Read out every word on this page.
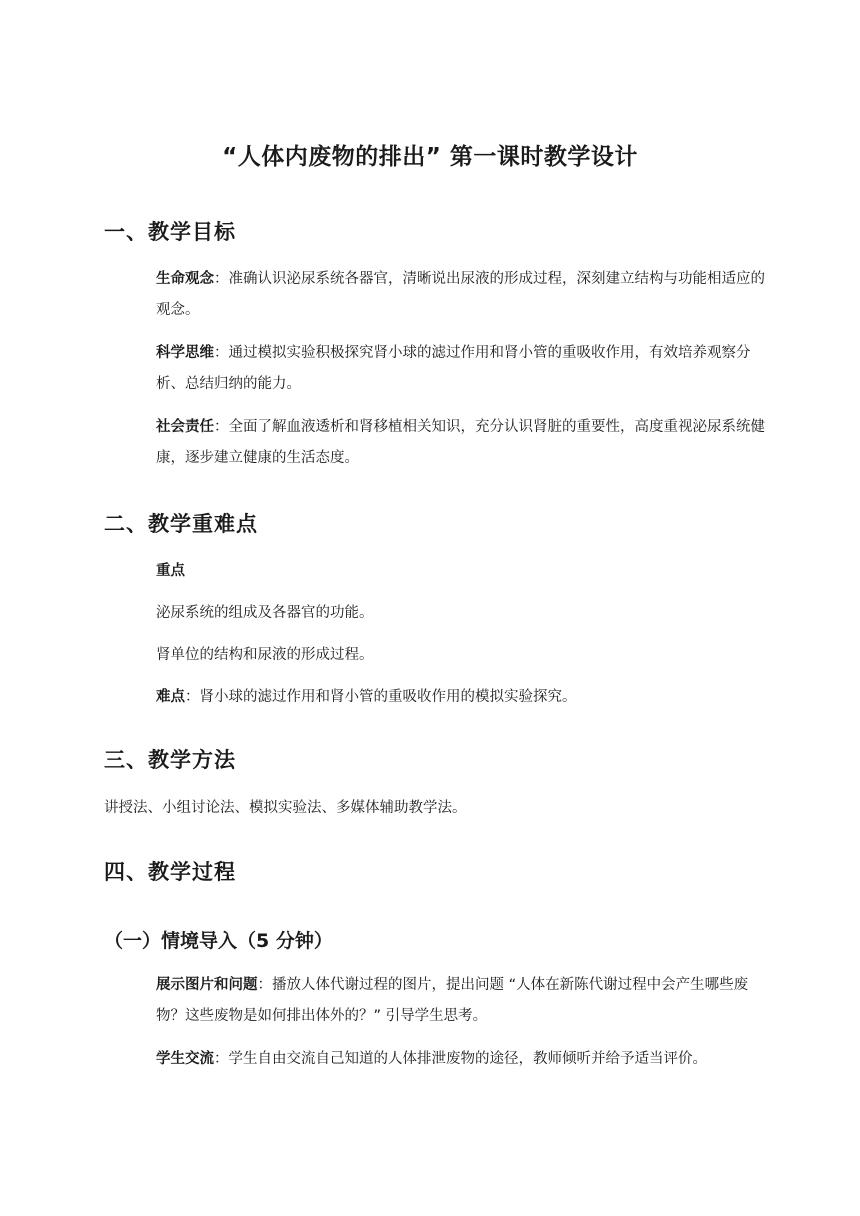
“人体内废物的排出” 第一课时教学设计
一、教学目标
生命观念：准确认识泌尿系统各器官，清晰说出尿液的形成过程，深刻建立结构与功能相适应的观念。
科学思维：通过模拟实验积极探究肾小球的滤过作用和肾小管的重吸收作用，有效培养观察分析、总结归纳的能力。
社会责任：全面了解血液透析和肾移植相关知识，充分认识肾脏的重要性，高度重视泌尿系统健康，逐步建立健康的生活态度。
二、教学重难点
重点
泌尿系统的组成及各器官的功能。
肾单位的结构和尿液的形成过程。
难点：肾小球的滤过作用和肾小管的重吸收作用的模拟实验探究。
三、教学方法
讲授法、小组讨论法、模拟实验法、多媒体辅助教学法。
四、教学过程
（一）情境导入（5 分钟）
展示图片和问题：播放人体代谢过程的图片，提出问题 “人体在新陈代谢过程中会产生哪些废物？这些废物是如何排出体外的？” 引导学生思考。
学生交流：学生自由交流自己知道的人体排泄废物的途径，教师倾听并给予适当评价。
